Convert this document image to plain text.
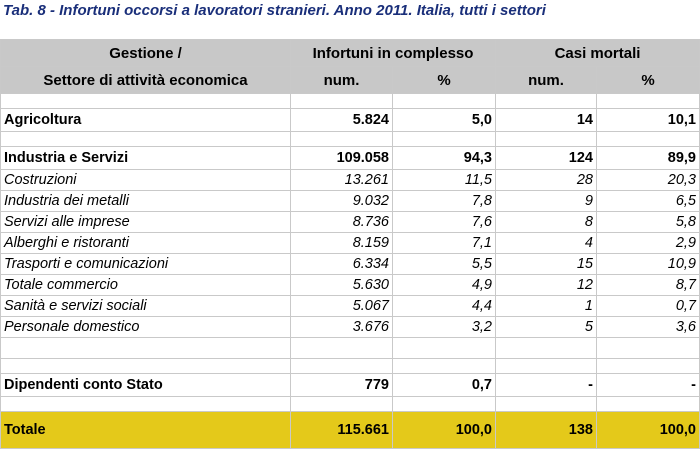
Tab. 8 - Infortuni occorsi a lavoratori stranieri. Anno 2011. Italia, tutti i settori
Gestione /	Infortuni in complesso		Casi mortali	
Settore di attività economica	num.	%	num.	%

Agricoltura	5.824	5,0	14	10,1

Industria e Servizi	109.058	94,3	124	89,9
Costruzioni	13.261	11,5	28	20,3
Industria dei metalli	9.032	7,8	9	6,5
Servizi alle imprese	8.736	7,6	8	5,8
Alberghi e ristoranti	8.159	7,1	4	2,9
Trasporti e comunicazioni	6.334	5,5	15	10,9
Totale commercio	5.630	4,9	12	8,7
Sanità e servizi sociali	5.067	4,4	1	0,7
Personale domestico	3.676	3,2	5	3,6

Dipendenti conto Stato	779	0,7	-	-

Totale	115.661	100,0	138	100,0
